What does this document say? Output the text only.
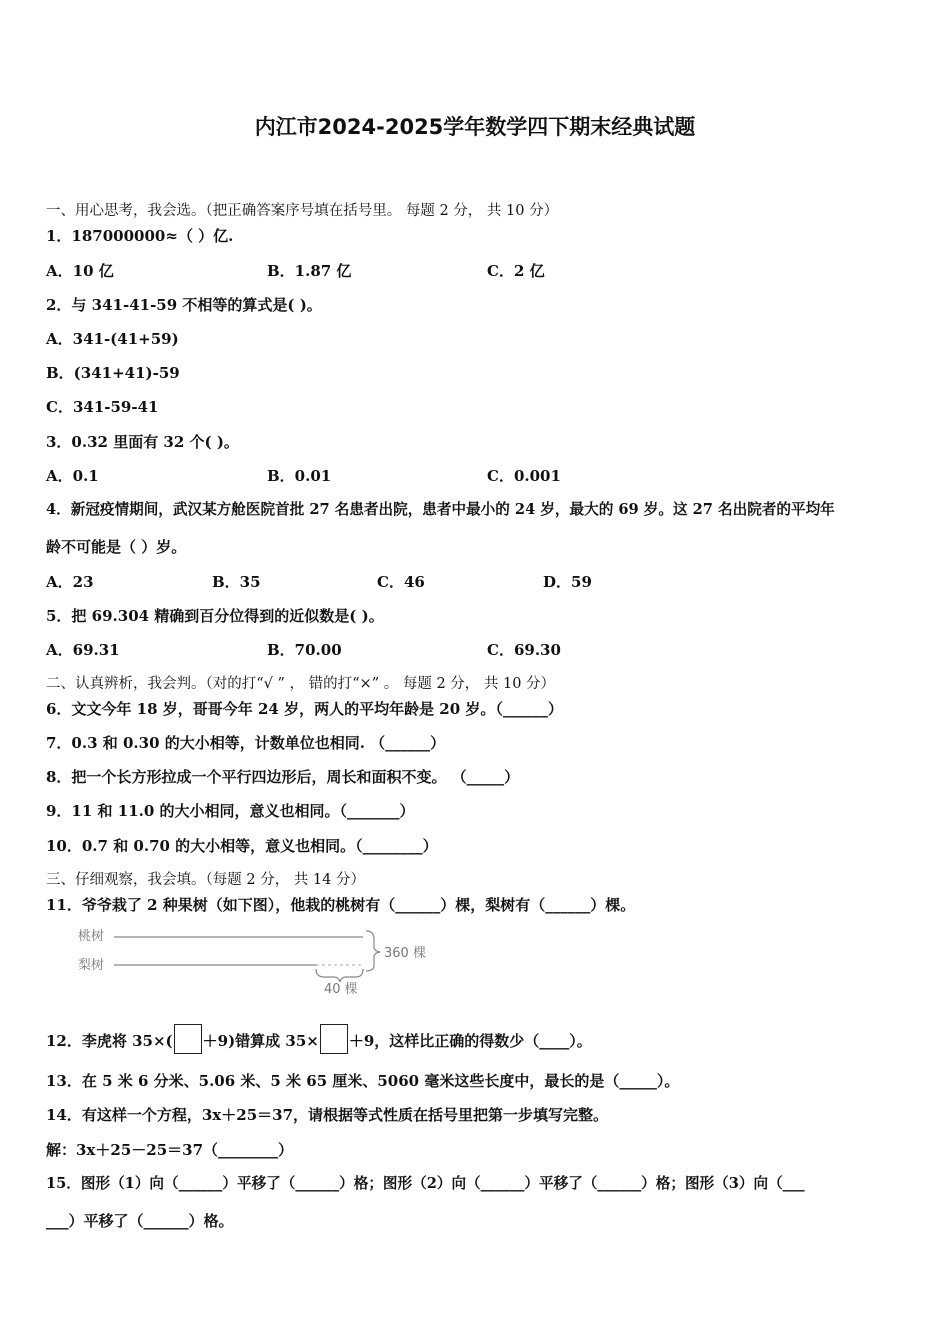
内江市2024-2025学年数学四下期末经典试题
一、用心思考，我会选。（把正确答案序号填在括号里。 每题 2 分， 共 10 分）
1．187000000≈（ ）亿.
A．10 亿	B．1.87 亿	C．2 亿
2．与 341-41-59 不相等的算式是( )。
A．341-(41+59)
B．(341+41)-59
C．341-59-41
3．0.32 里面有 32 个( )。
A．0.1	B．0.01	C．0.001
4．新冠疫情期间，武汉某方舱医院首批 27 名患者出院，患者中最小的 24 岁，最大的 69 岁。这 27 名出院者的平均年
龄不可能是（ ）岁。
A．23	B．35	C．46	D．59
5．把 69.304 精确到百分位得到的近似数是( )。
A．69.31	B．70.00	C．69.30
二、认真辨析，我会判。（对的打“√ ” ， 错的打“×” 。 每题 2 分， 共 10 分）
6．文文今年 18 岁，哥哥今年 24 岁，两人的平均年龄是 20 岁。（______）
7．0.3 和 0.30 的大小相等，计数单位也相同. （______）
8．把一个长方形拉成一个平行四边形后，周长和面积不变。 （_____）
9．11 和 11.0 的大小相同，意义也相同。（_______）
10．0.7 和 0.70 的大小相等，意义也相同。（________）
三、仔细观察，我会填。（每题 2 分， 共 14 分）
11．爷爷栽了 2 种果树（如下图），他栽的桃树有（______）棵，梨树有（______）棵。
桃树
梨树
360 棵
40 棵
12．李虎将 35×( ＋9)错算成 35× ＋9，这样比正确的得数少（____）。
13．在 5 米 6 分米、5.06 米、5 米 65 厘米、5060 毫米这些长度中，最长的是（_____）。
14．有这样一个方程，3x＋25＝37，请根据等式性质在括号里把第一步填写完整。
解：3x＋25－25＝37（________）
15．图形（1）向（______）平移了（______）格；图形（2）向（______）平移了（______）格；图形（3）向（___
___）平移了（______）格。
